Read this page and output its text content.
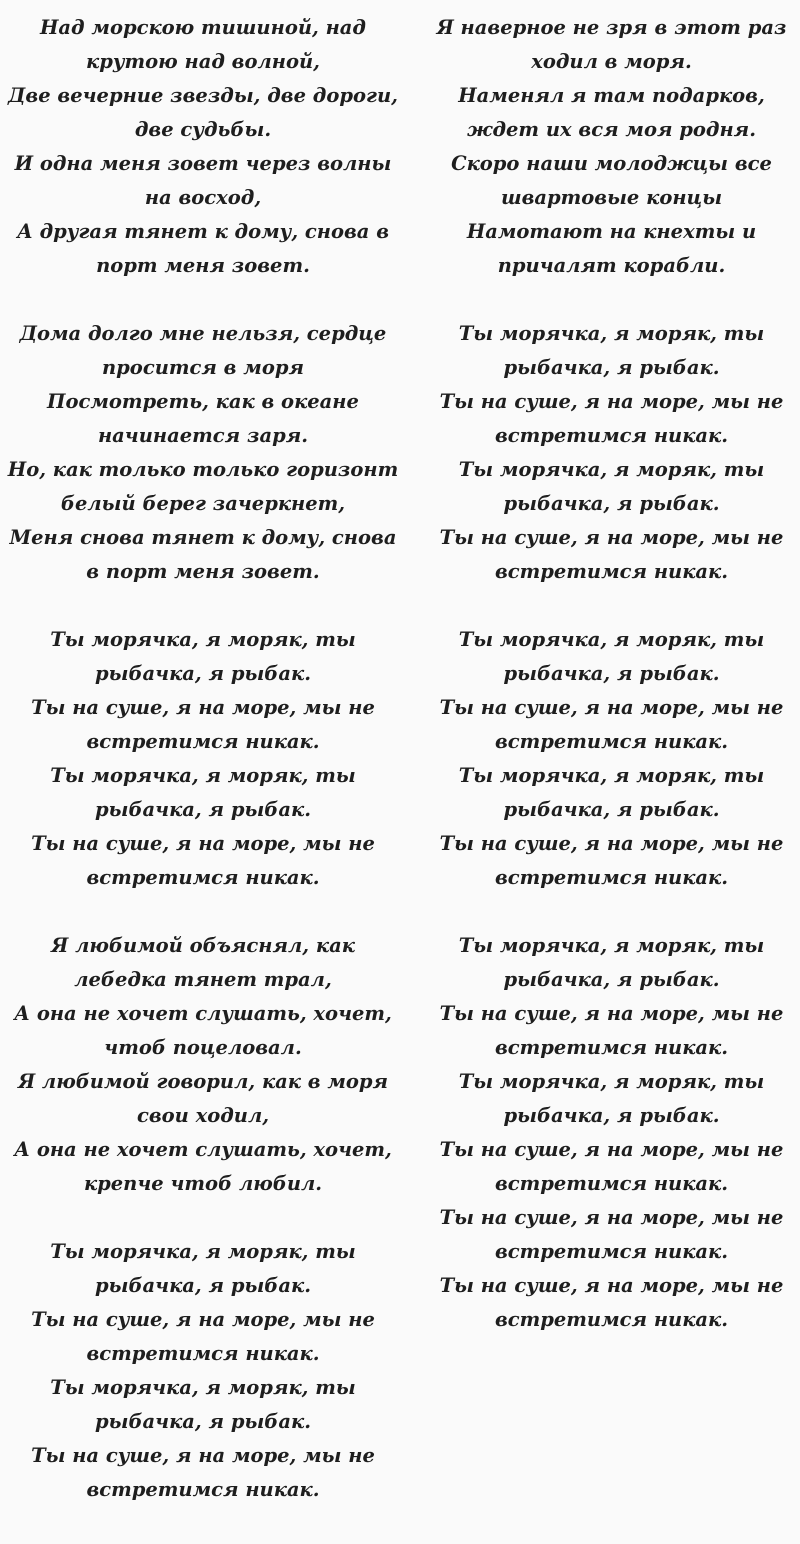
Над морскою тишиной, над крутою над волной,

Две вечерние звезды, две дороги, две судьбы.

И одна меня зовет через волны на восход,

А другая тянет к дому, снова в порт меня зовет.

Дома долго мне нельзя, сердце просится в моря

Посмотреть, как в океане начинается заря.

Но, как только только горизонт белый берег зачеркнет,

Меня снова тянет к дому, снова в порт меня зовет.

Ты морячка, я моряк, ты рыбачка, я рыбак.

Ты на суше, я на море, мы не встретимся никак.

Ты морячка, я моряк, ты рыбачка, я рыбак.

Ты на суше, я на море, мы не встретимся никак.

Я любимой объяснял, как лебедка тянет трал,

А она не хочет слушать, хочет, чтоб поцеловал.

Я любимой говорил, как в моря свои ходил,

А она не хочет слушать, хочет, крепче чтоб любил.

Ты морячка, я моряк, ты рыбачка, я рыбак.

Ты на суше, я на море, мы не встретимся никак.

Ты морячка, я моряк, ты рыбачка, я рыбак.

Ты на суше, я на море, мы не встретимся никак.

Я наверное не зря в этот раз ходил в моря.

Наменял я там подарков, ждет их вся моя родня.

Скоро наши молоджцы все швартовые концы

Намотают на кнехты и причалят корабли.

Ты морячка, я моряк, ты рыбачка, я рыбак.

Ты на суше, я на море, мы не встретимся никак.

Ты морячка, я моряк, ты рыбачка, я рыбак.

Ты на суше, я на море, мы не встретимся никак.

Ты морячка, я моряк, ты рыбачка, я рыбак.

Ты на суше, я на море, мы не встретимся никак.

Ты морячка, я моряк, ты рыбачка, я рыбак.

Ты на суше, я на море, мы не встретимся никак.

Ты морячка, я моряк, ты рыбачка, я рыбак.

Ты на суше, я на море, мы не встретимся никак.

Ты морячка, я моряк, ты рыбачка, я рыбак.

Ты на суше, я на море, мы не встретимся никак.

Ты на суше, я на море, мы не встретимся никак.

Ты на суше, я на море, мы не встретимся никак.
